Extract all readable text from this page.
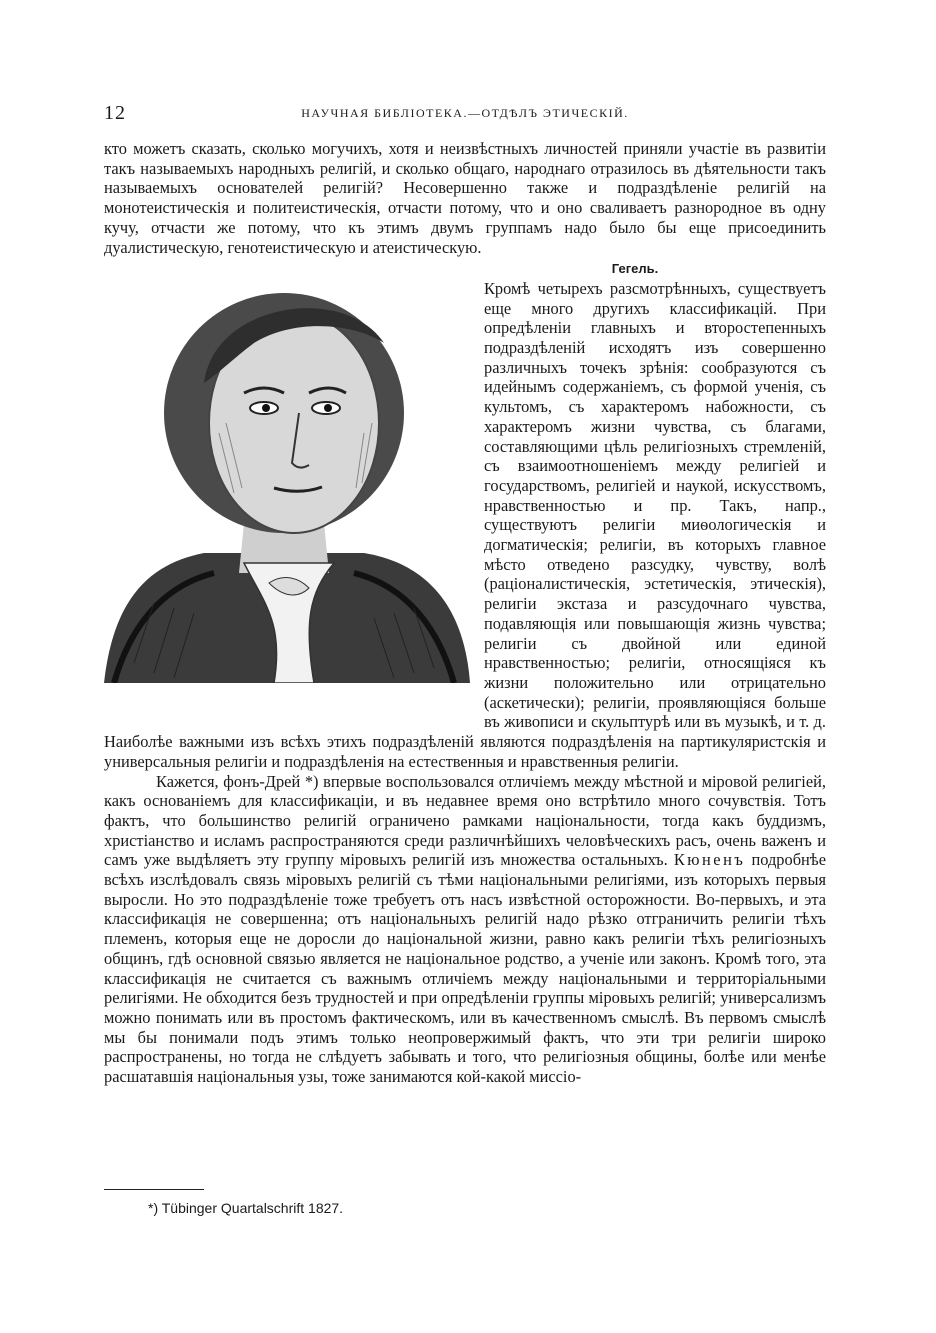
12	НАУЧНАЯ БИБЛІОТЕКА.—ОТДѢЛЪ ЭТИЧЕСКІЙ.

кто можетъ сказать, сколько могучихъ, хотя и неизвѣстныхъ личностей приняли участіе въ развитіи такъ называемыхъ народныхъ религій, и сколько общаго, народнаго отразилось въ дѣятельности такъ называемыхъ основателей религій? Несовершенно также и подраздѣленіе религій на монотеистическія и политеистическія, отчасти потому, что и оно сваливаетъ разнородное въ одну кучу, отчасти же потому, что къ этимъ двумъ группамъ надо было бы еще присоединить дуалистическую, генотеистическую и атеистическую.

Гегель.
Кромѣ четырехъ разсмотрѣнныхъ, существуетъ еще много другихъ классификацій. При опредѣленіи главныхъ и второстепенныхъ подраздѣленій исходятъ изъ совершенно различныхъ точекъ зрѣнія: сообразуются съ идейнымъ содержаніемъ, съ формой ученія, съ культомъ, съ характеромъ набожности, съ характеромъ жизни чувства, съ благами, составляющими цѣль религіозныхъ стремленій, съ взаимоотношеніемъ между религіей и государствомъ, религіей и наукой, искусствомъ, нравственностью и пр. Такъ, напр., существуютъ религіи миѳологическія и догматическія; религіи, въ которыхъ главное мѣсто отведено разсудку, чувству, волѣ (раціоналистическія, эстетическія, этическія), религіи экстаза и разсудочнаго чувства, подавляющія или повышающія жизнь чувства; религіи съ двойной или единой нравственностью; религіи, относящіяся къ жизни положительно или отрицательно (аскетически); религіи, проявляющіяся больше въ живописи и скульптурѣ или въ музыкѣ, и т. д. Наиболѣе важными изъ всѣхъ этихъ подраздѣленій являются подраздѣленія на партикуляристскія и универсальныя религіи и подраздѣленія на естественныя и нравственныя религіи.

Кажется, фонъ-Дрей *) впервые воспользовался отличіемъ между мѣстной и міровой религіей, какъ основаніемъ для классификаціи, и въ недавнее время оно встрѣтило много сочувствія. Тотъ фактъ, что большинство религій ограничено рамками національности, тогда какъ буддизмъ, христіанство и исламъ распространяются среди различнѣйшихъ человѣческихъ расъ, очень важенъ и самъ уже выдѣляетъ эту группу міровыхъ религій изъ множества остальныхъ. Кюненъ подробнѣе всѣхъ изслѣдовалъ связь міровыхъ религій съ тѣми національными религіями, изъ которыхъ первыя выросли. Но это подраздѣленіе тоже требуетъ отъ насъ извѣстной осторожности. Во-первыхъ, и эта классификація не совершенна; отъ національныхъ религій надо рѣзко отграничить религіи тѣхъ племенъ, которыя еще не доросли до національной жизни, равно какъ религіи тѣхъ религіозныхъ общинъ, гдѣ основной связью является не національное родство, а ученіе или законъ. Кромѣ того, эта классификація не считается съ важнымъ отличіемъ между національными и территоріальными религіями. Не обходится безъ трудностей и при опредѣленіи группы міровыхъ религій; универсализмъ можно понимать или въ простомъ фактическомъ, или въ качественномъ смыслѣ. Въ первомъ смыслѣ мы бы понимали подъ этимъ только неопровержимый фактъ, что эти три религіи широко распространены, но тогда не слѣдуетъ забывать и того, что религіозныя общины, болѣе или менѣе расшатавшія національныя узы, тоже занимаются кой-какой миссіо-

*) Tübinger Quartalschrift 1827.
